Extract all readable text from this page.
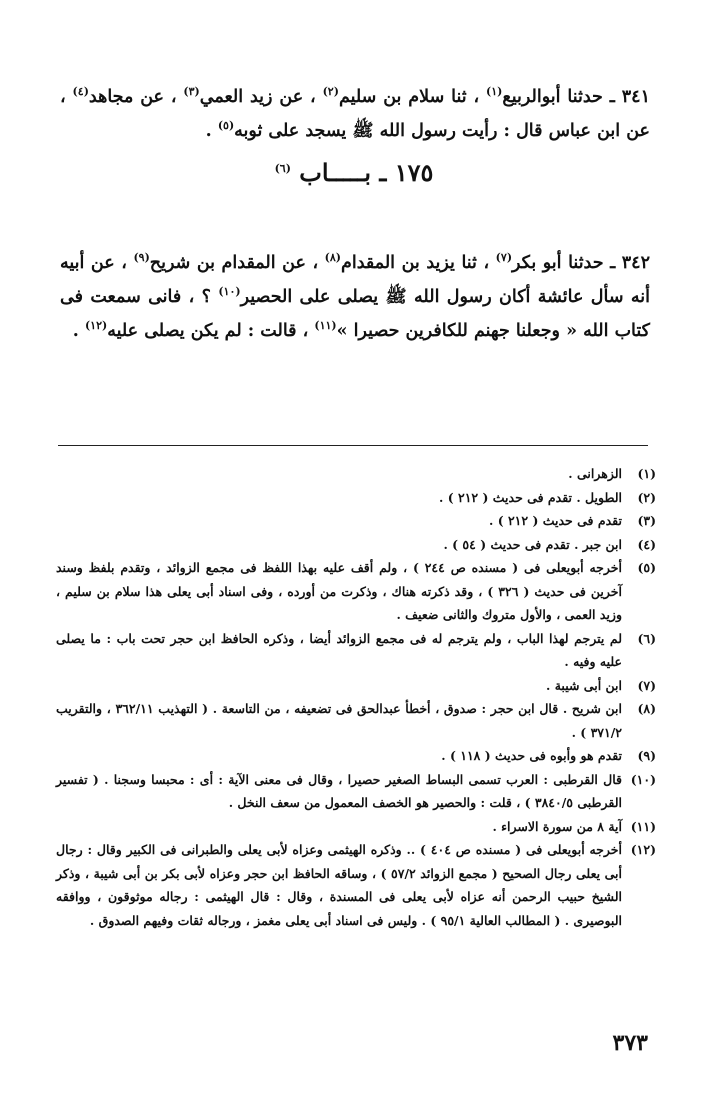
٣٤١ ـ حدثنا أبوالربيع$^{(١)}$ ، ثنا سلام بن سليم$^{(٢)}$ ، عن زيد العمي$^{(٣)}$ ، عن مجاهد$^{(٤)}$ ، عن ابن عباس قال : رأيت رسول الله ﷺ يسجد على ثوبه$^{(٥)}$ .

١٧٥ ـ بـــــاب $^{(٦)}$

٣٤٢ ـ حدثنا أبو بكر$^{(٧)}$ ، ثنا يزيد بن المقدام$^{(٨)}$ ، عن المقدام بن شريح$^{(٩)}$ ، عن أبيه أنه سأل عائشة أكان رسول الله ﷺ يصلى على الحصير$^{(١٠)}$ ؟ ، فانى سمعت فى كتاب الله « وجعلنا جهنم للكافرين حصيرا »$^{(١١)}$ ، قالت : لم يكن يصلى عليه$^{(١٢)}$ .

(١)
الزهرانى .
(٢)
الطويل . تقدم فى حديث ( ٢١٢ ) .
(٣)
تقدم فى حديث ( ٢١٢ ) .
(٤)
ابن جبر . تقدم فى حديث ( ٥٤ ) .
(٥)
أخرجه أبويعلى فى ( مسنده ص ٢٤٤ ) ، ولم أقف عليه بهذا اللفظ فى مجمع الزوائد ، وتقدم بلفظ وسند آخرين فى حديث ( ٣٢٦ ) ، وقد ذكرته هناك ، وذكرت من أورده ، وفى اسناد أبى يعلى هذا سلام بن سليم ، وزيد العمى ، والأول متروك والثانى ضعيف .
(٦)
لم يترجم لهذا الباب ، ولم يترجم له فى مجمع الزوائد أيضا ، وذكره الحافظ ابن حجر تحت باب : ما يصلى عليه وفيه .
(٧)
ابن أبى شيبة .
(٨)
ابن شريح . قال ابن حجر : صدوق ، أخطأ عبدالحق فى تضعيفه ، من التاسعة . ( التهذيب ٣٦٢/١١ ، والتقريب ٣٧١/٢ ) .
(٩)
تقدم هو وأبوه فى حديث ( ١١٨ ) .
(١٠)
قال القرطبى : العرب تسمى البساط الصغير حصيرا ، وقال فى معنى الآية : أى : محبسا وسجنا . ( تفسير القرطبى ٣٨٤٠/٥ ) ، قلت : والحصير هو الخصف المعمول من سعف النخل .
(١١)
آية ٨ من سورة الاسراء .
(١٢)
أخرجه أبويعلى فى ( مسنده ص ٤٠٤ ) .. وذكره الهيثمى وعزاه لأبى يعلى والطبرانى فى الكبير وقال : رجال أبى يعلى رجال الصحيح ( مجمع الزوائد ٥٧/٢ ) ، وساقه الحافظ ابن حجر وعزاه لأبى بكر بن أبى شيبة ، وذكر الشيخ حبيب الرحمن أنه عزاه لأبى يعلى فى المسندة ، وقال : قال الهيثمى : رجاله موثوقون ، ووافقه البوصيرى . ( المطالب العالية ٩٥/١ ) . وليس فى اسناد أبى يعلى مغمز ، ورجاله ثقات وفيهم الصدوق .
٣٧٣
